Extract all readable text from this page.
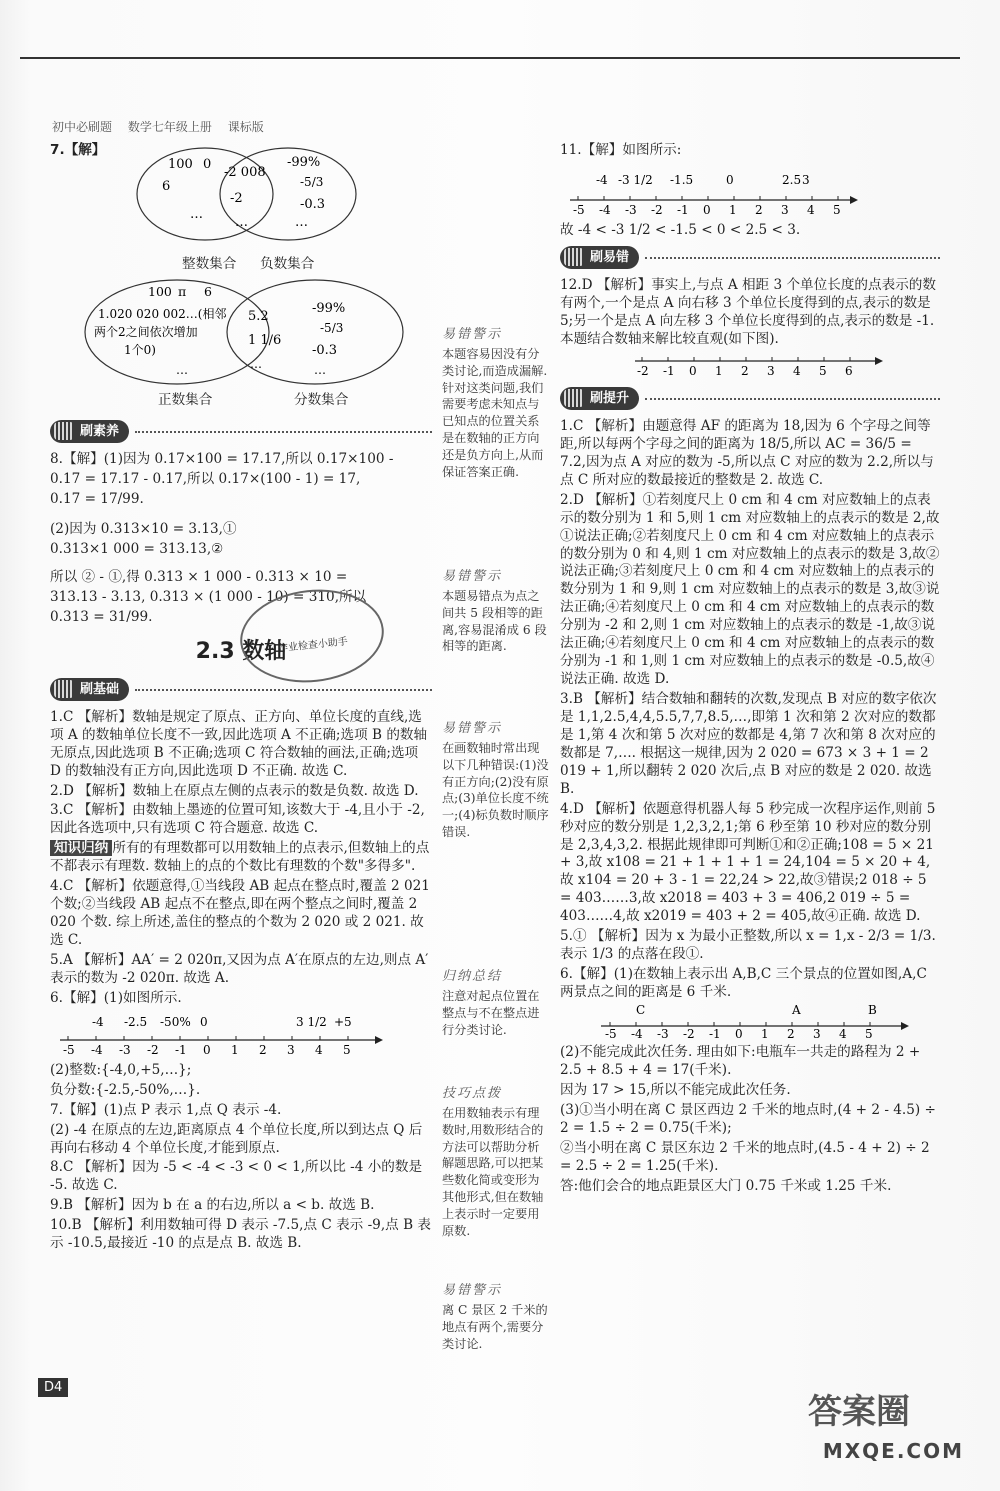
初中必刷题 数学七年级上册 课标版

7.【解】

100 0
6
…
-2 008
-2
…
-99%
-5/3
-0.3
…
整数集合 负数集合
100 π 6
1.020 020 002…(相邻
两个2之间依次增加
1个0)
…
5.2
1 1/6
…
-99%
-5/3
-0.3
…
正数集合	分数集合
刷素养

8.【解】(1)因为 0.17×100 = 17.17,所以 0.17×100 -

0.17 = 17.17 - 0.17,所以 0.17×(100 - 1) = 17,

0.17 = 17/99.

(2)因为 0.313×10 = 3.13,①

0.313×1 000 = 313.13,②

所以 ② - ①,得 0.313 × 1 000 - 0.313 × 10 =

313.13 - 3.13, 0.313 × (1 000 - 10) = 310,所以

0.313 = 31/99.

2.3 数轴
刷基础

1.C 【解析】数轴是规定了原点、正方向、单位长度的直线,选项 A 的数轴单位长度不一致,因此选项 A 不正确;选项 B 的数轴无原点,因此选项 B 不正确;选项 C 符合数轴的画法,正确;选项 D 的数轴没有正方向,因此选项 D 不正确. 故选 C.

2.D 【解析】数轴上在原点左侧的点表示的数是负数. 故选 D.

3.C 【解析】由数轴上墨迹的位置可知,该数大于 -4,且小于 -2,因此各选项中,只有选项 C 符合题意. 故选 C.

知识归纳 所有的有理数都可以用数轴上的点表示,但数轴上的点不都表示有理数. 数轴上的点的个数比有理数的个数"多得多".

4.C 【解析】依题意得,①当线段 AB 起点在整点时,覆盖 2 021 个数;②当线段 AB 起点不在整点,即在两个整点之间时,覆盖 2 020 个数. 综上所述,盖住的整点的个数为 2 020 或 2 021. 故选 C.

5.A 【解析】AA′ = 2 020π,又因为点 A′在原点的左边,则点 A′表示的数为 -2 020π. 故选 A.

6.【解】(1)如图所示.

-5 -4 -3 -2 -1 0 1 2 3 4 5
-4 -2.5 -50% 0	3 1/2 +5

(2)整数:{-4,0,+5,…};

负分数:{-2.5,-50%,…}.

7.【解】(1)点 P 表示 1,点 Q 表示 -4.

(2) -4 在原点的左边,距离原点 4 个单位长度,所以到达点 Q 后再向右移动 4 个单位长度,才能到原点.

8.C 【解析】因为 -5 < -4 < -3 < 0 < 1,所以比 -4 小的数是 -5. 故选 C.

9.B 【解析】因为 b 在 a 的右边,所以 a < b. 故选 B.

10.B 【解析】利用数轴可得 D 表示 -7.5,点 C 表示 -9,点 B 表示 -10.5,最接近 -10 的点是点 B. 故选 B.

作业检查小助手
易错警示
本题容易因没有分类讨论,而造成漏解.针对这类问题,我们需要考虑未知点与已知点的位置关系是在数轴的正方向还是负方向上,从而保证答案正确.
易错警示
本题易错点为点之间共 5 段相等的距离,容易混淆成 6 段相等的距离.
易错警示
在画数轴时常出现以下几种错误:(1)没有正方向;(2)没有原点;(3)单位长度不统一;(4)标负数时顺序错误.
归纳总结
注意对起点位置在整点与不在整点进行分类讨论.
技巧点拨
在用数轴表示有理数时,用数形结合的方法可以帮助分析解题思路,可以把某些数化简或变形为其他形式,但在数轴上表示时一定要用原数.
易错警示
离 C 景区 2 千米的地点有两个,需要分类讨论.

11.【解】如图所示:

-5 -4 -3 -2 -1 0 1 2 3 4 5
-4 -3 1/2 -1.5	0	2.5 3

故 -4 < -3 1/2 < -1.5 < 0 < 2.5 < 3.

刷易错

12.D 【解析】事实上,与点 A 相距 3 个单位长度的点表示的数有两个,一个是点 A 向右移 3 个单位长度得到的点,表示的数是 5;另一个是点 A 向左移 3 个单位长度得到的点,表示的数是 -1. 本题结合数轴来解比较直观(如下图).

-2 -1 0 1 2 3 4 5 6
刷提升

1.C 【解析】由题意得 AF 的距离为 18,因为 6 个字母之间等距,所以每两个字母之间的距离为 18/5,所以 AC = 36/5 = 7.2,因为点 A 对应的数为 -5,所以点 C 对应的数为 2.2,所以与点 C 所对应的数最接近的整数是 2. 故选 C.

2.D 【解析】①若刻度尺上 0 cm 和 4 cm 对应数轴上的点表示的数分别为 1 和 5,则 1 cm 对应数轴上的点表示的数是 2,故①说法正确;②若刻度尺上 0 cm 和 4 cm 对应数轴上的点表示的数分别为 0 和 4,则 1 cm 对应数轴上的点表示的数是 3,故②说法正确;③若刻度尺上 0 cm 和 4 cm 对应数轴上的点表示的数分别为 1 和 9,则 1 cm 对应数轴上的点表示的数是 3,故③说法正确;④若刻度尺上 0 cm 和 4 cm 对应数轴上的点表示的数分别为 -2 和 2,则 1 cm 对应数轴上的点表示的数是 -1,故③说法正确;④若刻度尺上 0 cm 和 4 cm 对应数轴上的点表示的数分别为 -1 和 1,则 1 cm 对应数轴上的点表示的数是 -0.5,故④说法正确. 故选 D.

3.B 【解析】结合数轴和翻转的次数,发现点 B 对应的数字依次是 1,1,2.5,4,4,5.5,7,7,8.5,…,即第 1 次和第 2 次对应的数都是 1,第 4 次和第 5 次对应的数都是 4,第 7 次和第 8 次对应的数都是 7,…. 根据这一规律,因为 2 020 = 673 × 3 + 1 = 2 019 + 1,所以翻转 2 020 次后,点 B 对应的数是 2 020. 故选 B.

4.D 【解析】依题意得机器人每 5 秒完成一次程序运作,则前 5 秒对应的数分别是 1,2,3,2,1;第 6 秒至第 10 秒对应的数分别是 2,3,4,3,2. 根据此规律即可判断①和②正确;108 = 5 × 21 + 3,故 x108 = 21 + 1 + 1 + 1 = 24,104 = 5 × 20 + 4,故 x104 = 20 + 3 - 1 = 22,24 > 22,故③错误;2 018 ÷ 5 = 403……3,故 x2018 = 403 + 3 = 406,2 019 ÷ 5 = 403……4,故 x2019 = 403 + 2 = 405,故④正确. 故选 D.

5.① 【解析】因为 x 为最小正整数,所以 x = 1,x - 2/3 = 1/3. 表示 1/3 的点落在段①.

6.【解】(1)在数轴上表示出 A,B,C 三个景点的位置如图,A,C 两景点之间的距离是 6 千米.

-5 -4 -3 -2 -1 0 1 2 3 4 5
C	A	B

(2)不能完成此次任务. 理由如下:电瓶车一共走的路程为 2 + 2.5 + 8.5 + 4 = 17(千米).

因为 17 > 15,所以不能完成此次任务.

(3)①当小明在离 C 景区西边 2 千米的地点时,(4 + 2 - 4.5) ÷ 2 = 1.5 ÷ 2 = 0.75(千米);

②当小明在离 C 景区东边 2 千米的地点时,(4.5 - 4 + 2) ÷ 2 = 2.5 ÷ 2 = 1.25(千米).

答:他们会合的地点距景区大门 0.75 千米或 1.25 千米.

D4
答案圈
MXQE.COM
